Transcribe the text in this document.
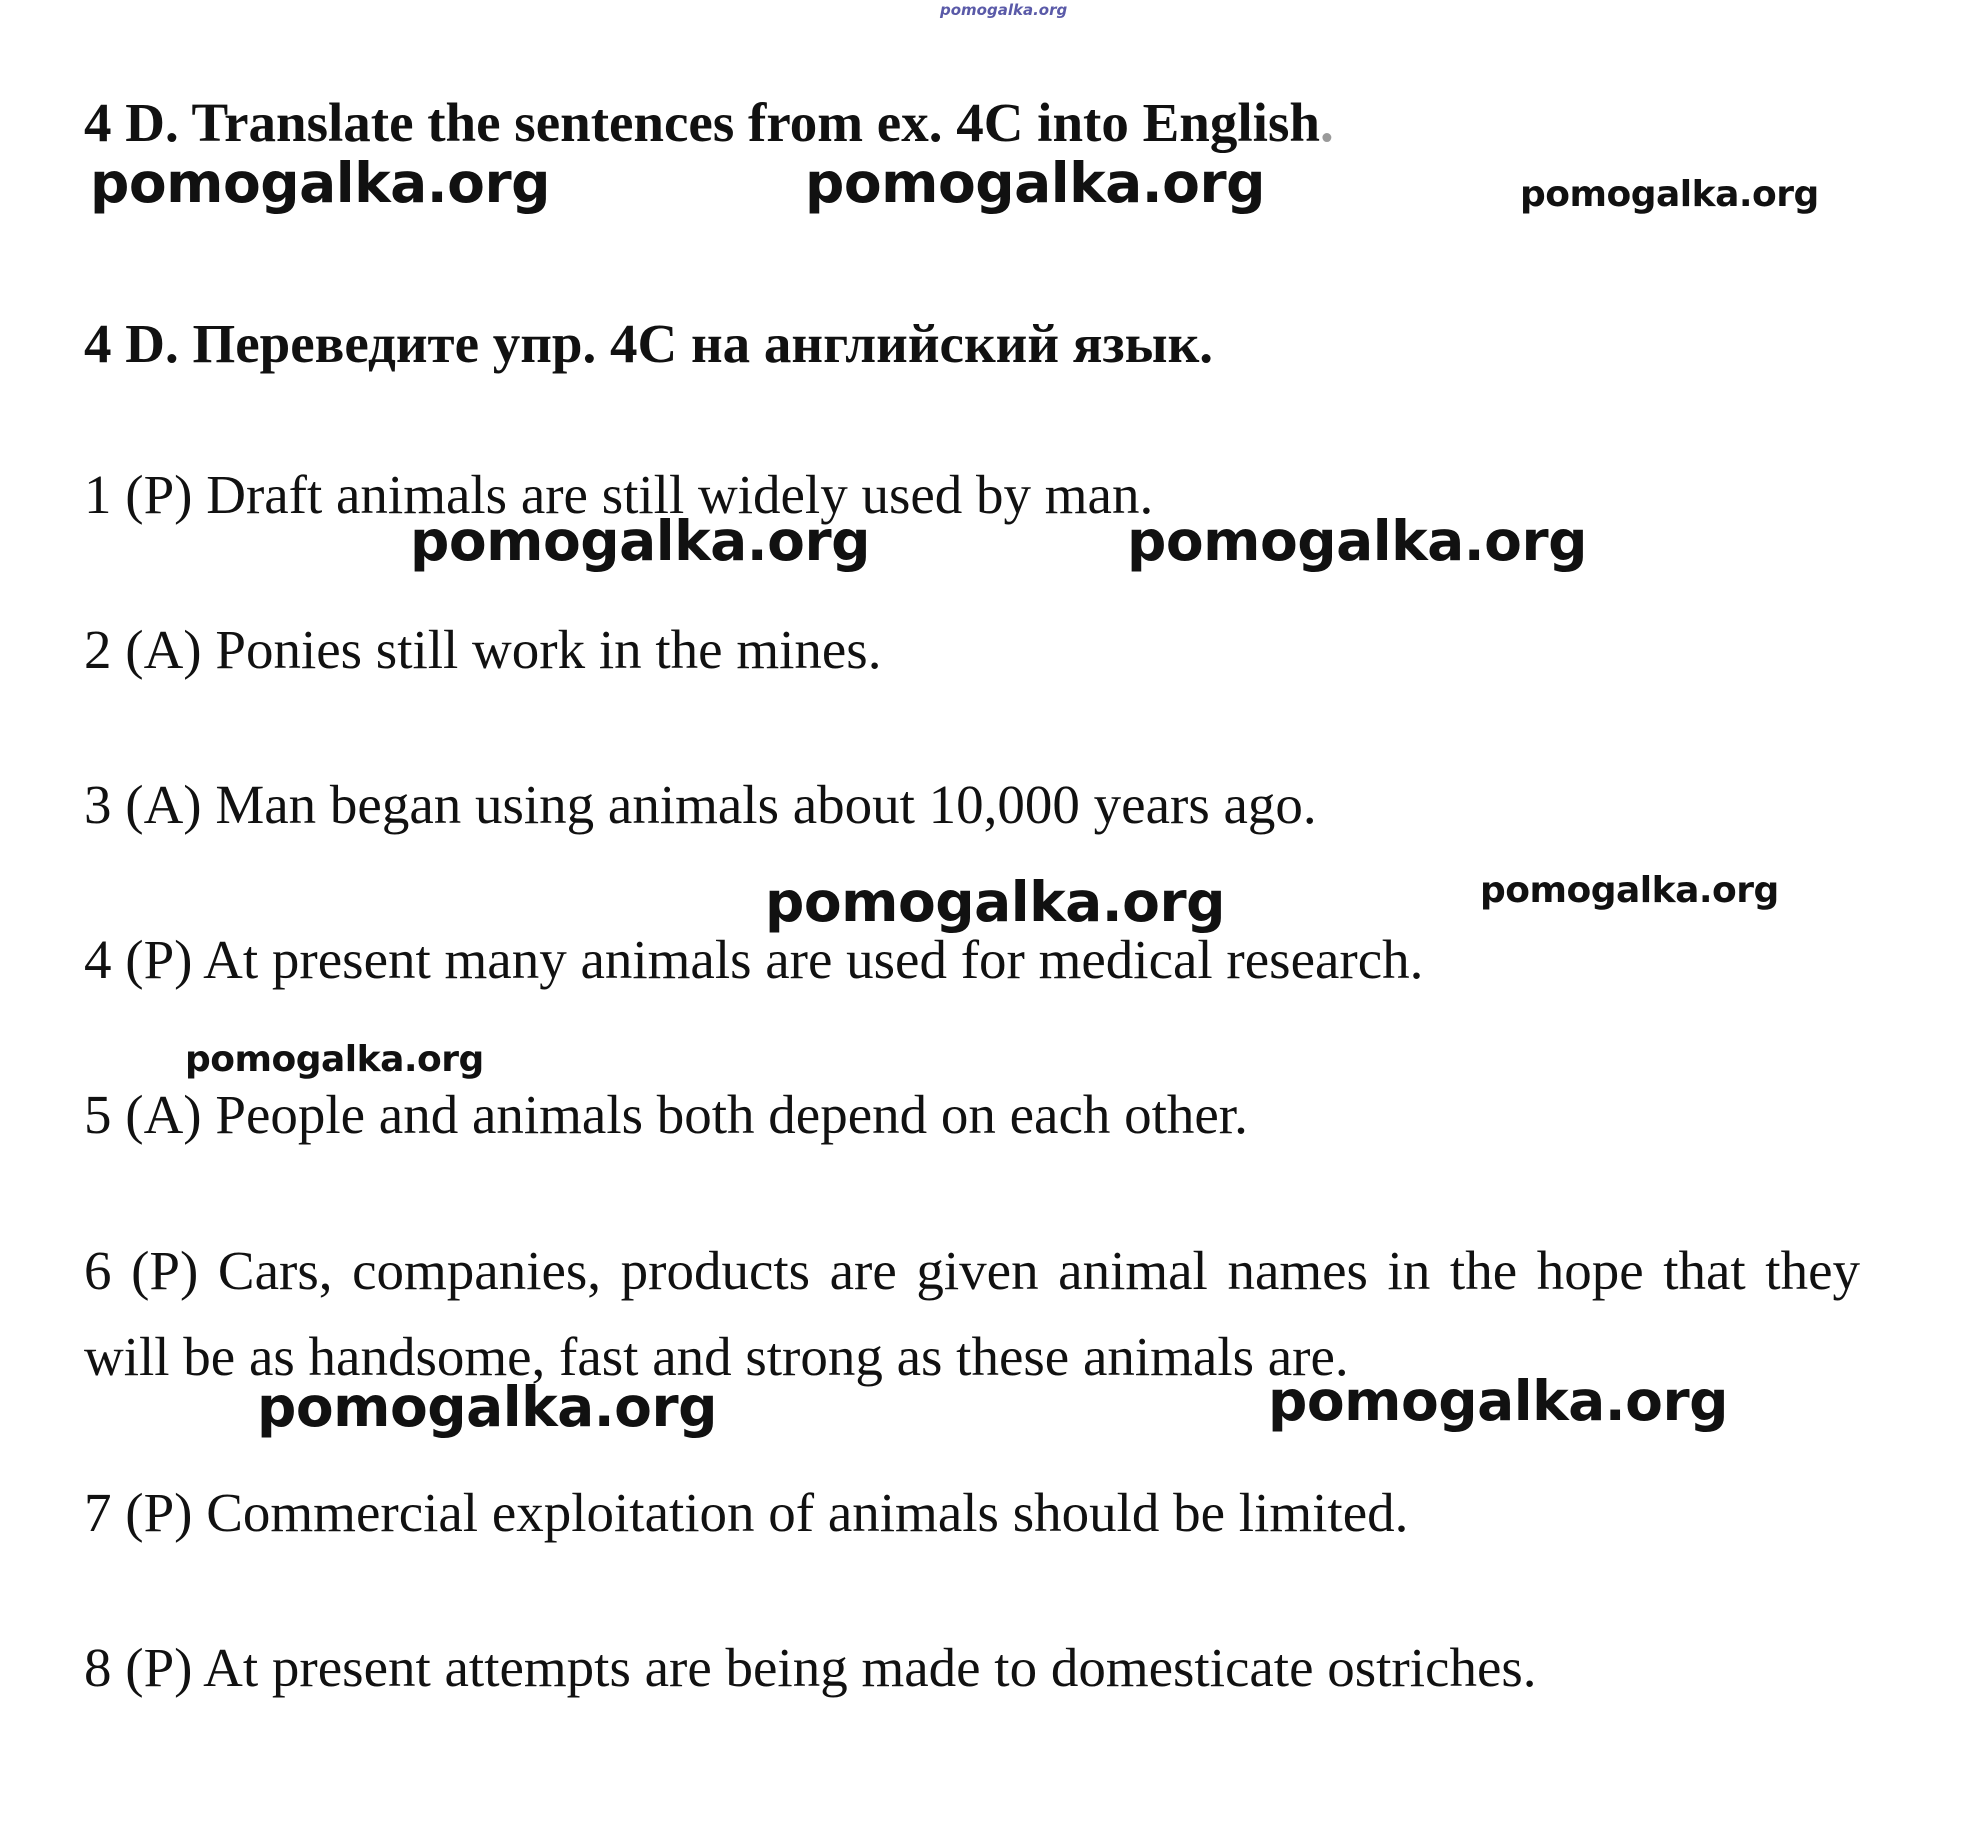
pomogalka.org
4 D. Translate the sentences from ex. 4C into English.
pomogalka.org	pomogalka.org	pomogalka.org
4 D. Переведите упр. 4С на английский язык.
1 (P) Draft animals are still widely used by man.
pomogalka.org	pomogalka.org
2 (A) Ponies still work in the mines.
3 (A) Man began using animals about 10,000 years ago.
pomogalka.org	pomogalka.org
4 (P) At present many animals are used for medical research.
pomogalka.org
5 (A) People and animals both depend on each other.
6 (P) Cars, companies, products are given animal names in the hope that they will be as handsome, fast and strong as these animals are.
pomogalka.org	pomogalka.org
7 (P) Commercial exploitation of animals should be limited.
8 (P) At present attempts are being made to domesticate ostriches.
